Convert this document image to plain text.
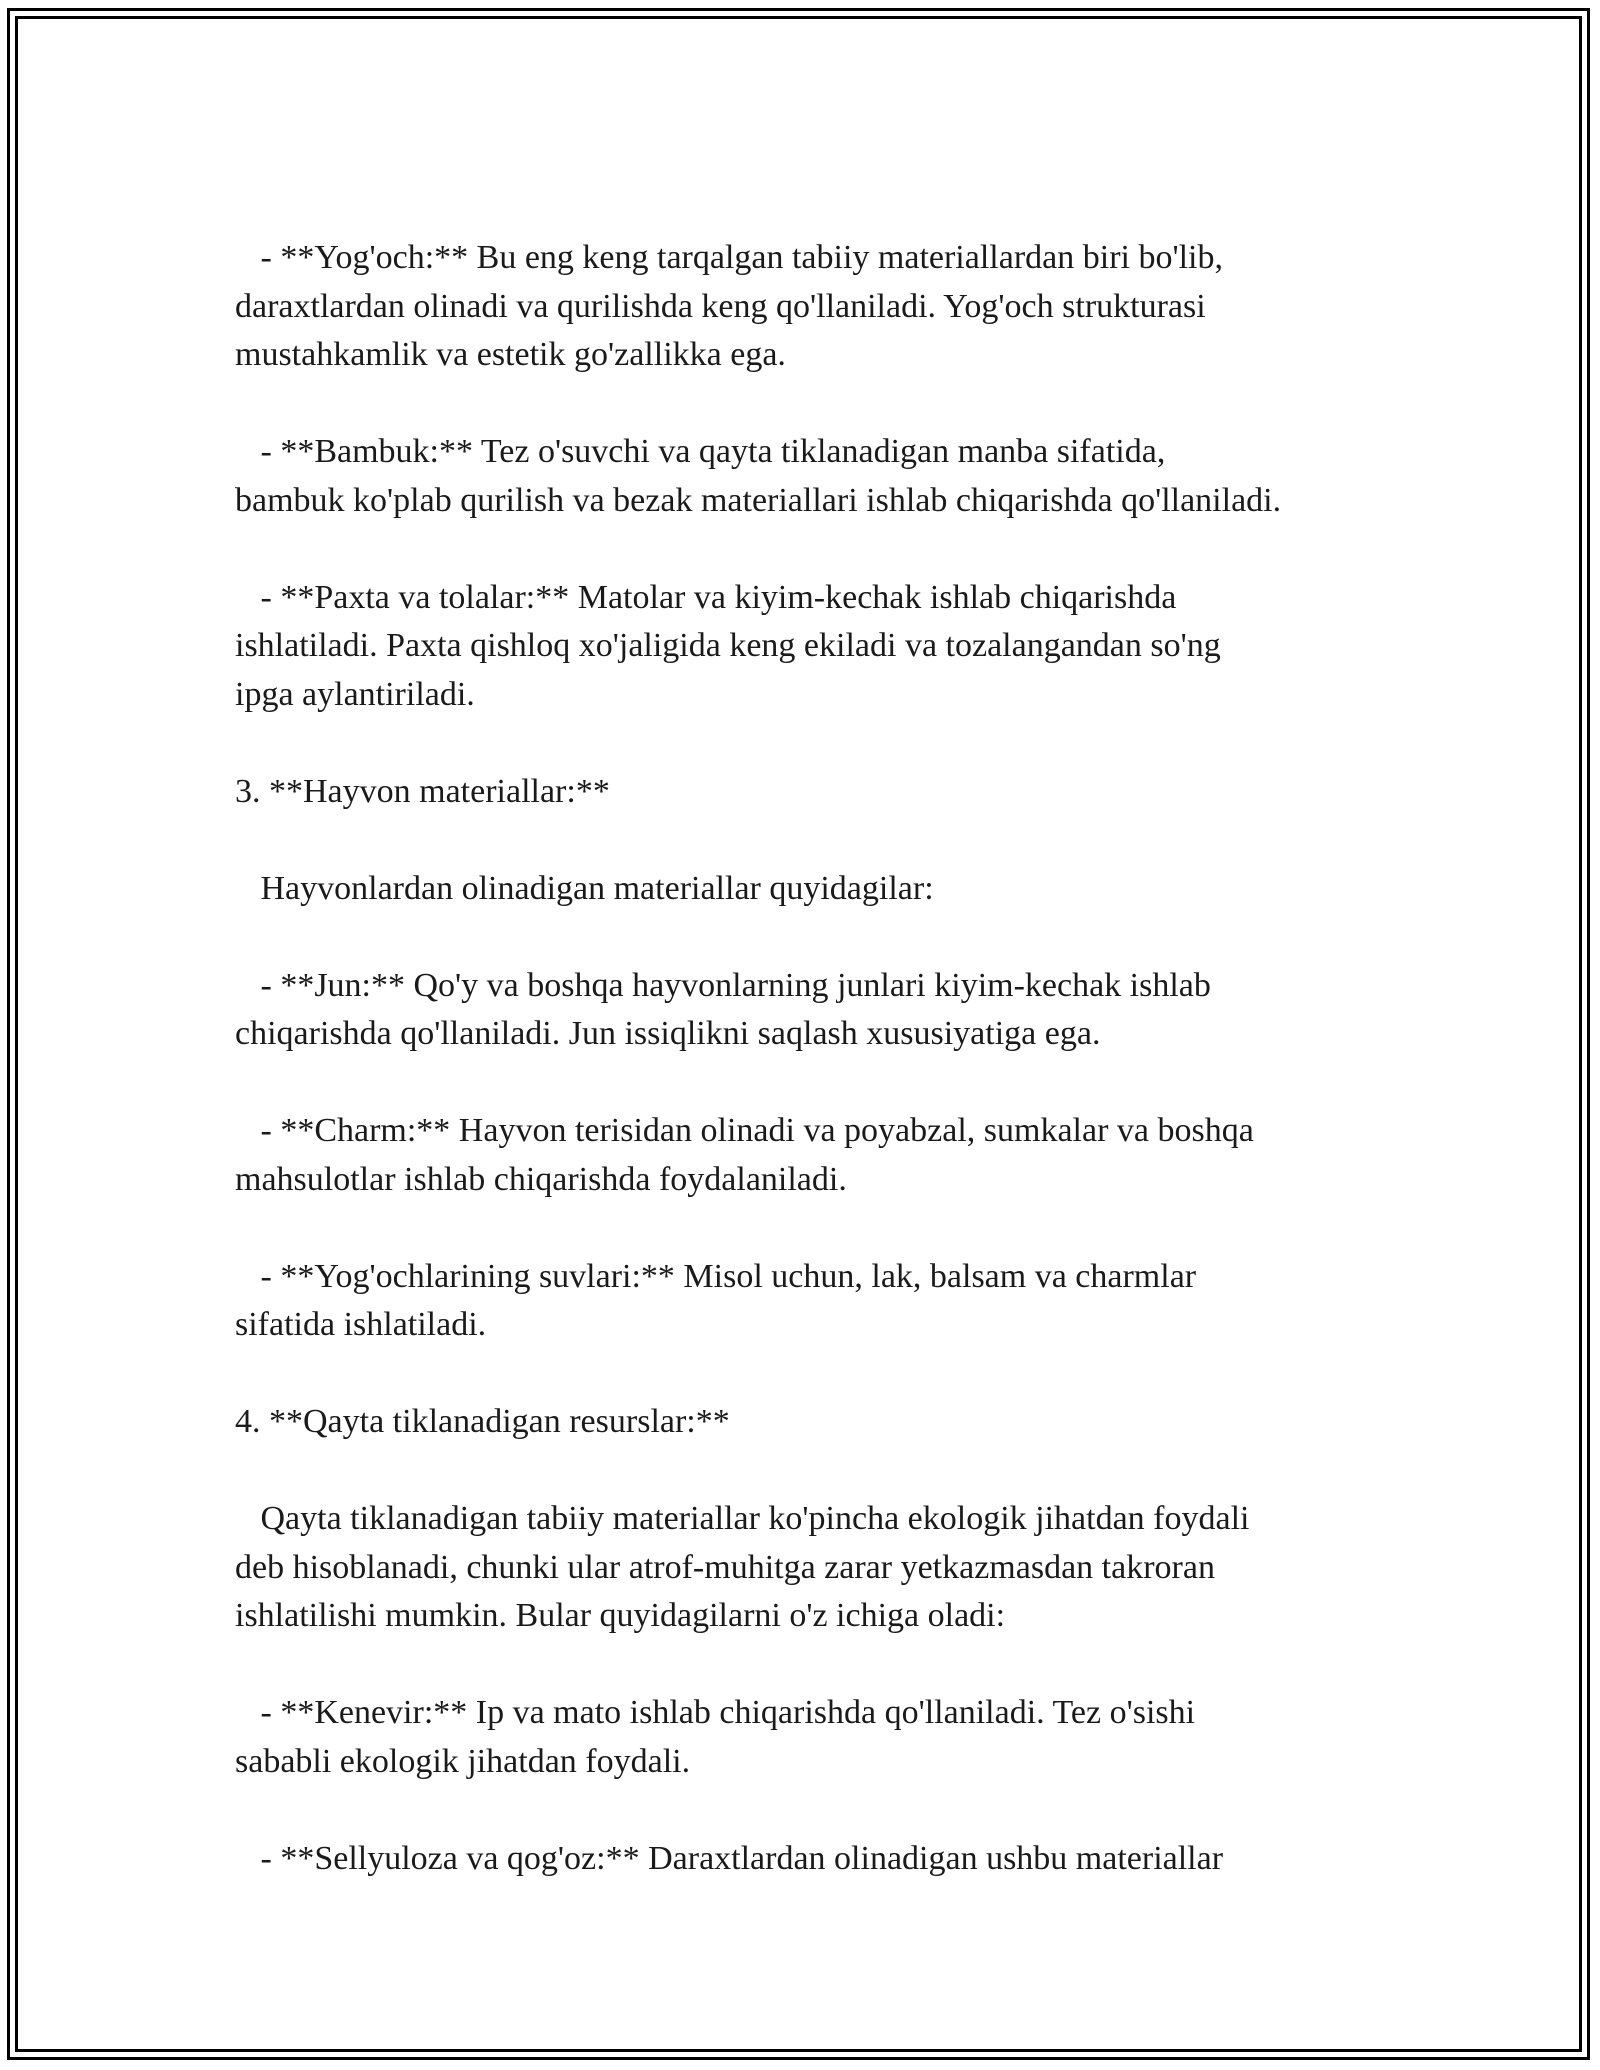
- **Yog'och:** Bu eng keng tarqalgan tabiiy materiallardan biri bo'lib,
daraxtlardan olinadi va qurilishda keng qo'llaniladi. Yog'och strukturasi
mustahkamlik va estetik go'zallikka ega.
- **Bambuk:** Tez o'suvchi va qayta tiklanadigan manba sifatida,
bambuk ko'plab qurilish va bezak materiallari ishlab chiqarishda qo'llaniladi.
- **Paxta va tolalar:** Matolar va kiyim-kechak ishlab chiqarishda
ishlatiladi. Paxta qishloq xo'jaligida keng ekiladi va tozalangandan so'ng
ipga aylantiriladi.
3. **Hayvon materiallar:**
Hayvonlardan olinadigan materiallar quyidagilar:
- **Jun:** Qo'y va boshqa hayvonlarning junlari kiyim-kechak ishlab
chiqarishda qo'llaniladi. Jun issiqlikni saqlash xususiyatiga ega.
- **Charm:** Hayvon terisidan olinadi va poyabzal, sumkalar va boshqa
mahsulotlar ishlab chiqarishda foydalaniladi.
- **Yog'ochlarining suvlari:** Misol uchun, lak, balsam va charmlar
sifatida ishlatiladi.
4. **Qayta tiklanadigan resurslar:**
Qayta tiklanadigan tabiiy materiallar ko'pincha ekologik jihatdan foydali
deb hisoblanadi, chunki ular atrof-muhitga zarar yetkazmasdan takroran
ishlatilishi mumkin. Bular quyidagilarni o'z ichiga oladi:
- **Kenevir:** Ip va mato ishlab chiqarishda qo'llaniladi. Tez o'sishi
sababli ekologik jihatdan foydali.
- **Sellyuloza va qog'oz:** Daraxtlardan olinadigan ushbu materiallar
